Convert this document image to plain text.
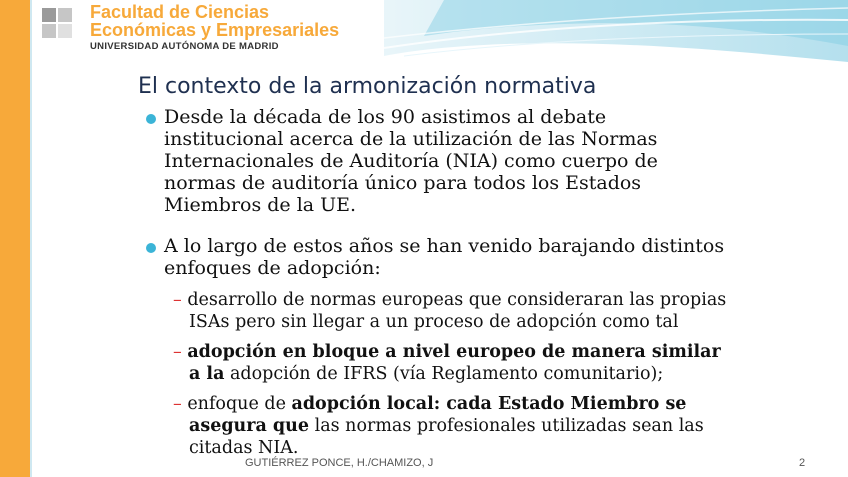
Facultad de Ciencias
Económicas y Empresariales
UNIVERSIDAD AUTÓNOMA DE MADRID
El contexto de la armonización normativa
Desde la década de los 90 asistimos al debate
institucional acerca de la utilización de las Normas
Internacionales de Auditoría (NIA) como cuerpo de
normas de auditoría único para todos los Estados
Miembros de la UE.
A lo largo de estos años se han venido barajando distintos
enfoques de adopción:
– desarrollo de normas europeas que consideraran las propias
ISAs pero sin llegar a un proceso de adopción como tal
– adopción en bloque a nivel europeo de manera similar
a la adopción de IFRS (vía Reglamento comunitario);
– enfoque de adopción local: cada Estado Miembro se
asegura que las normas profesionales utilizadas sean las
citadas NIA.
GUTIÉRREZ PONCE, H./CHAMIZO, J	2
